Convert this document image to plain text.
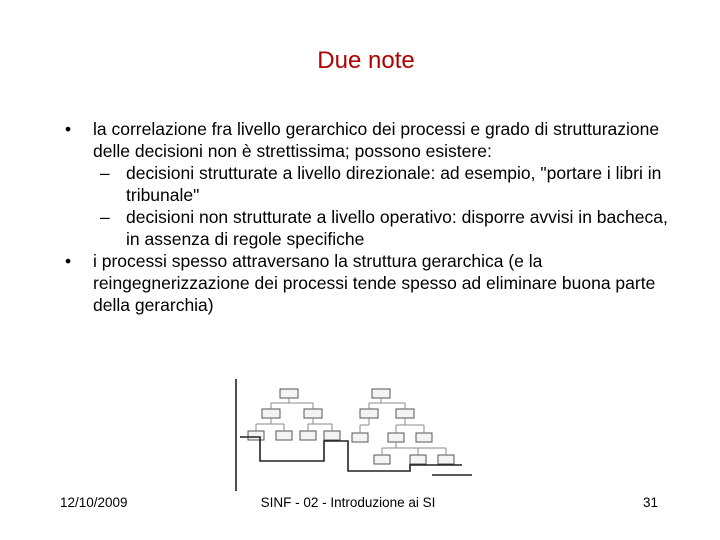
Due note
• la correlazione fra livello gerarchico dei processi e grado di strutturazione delle decisioni non è strettissima; possono esistere:
– decisioni strutturate a livello direzionale: ad esempio, "portare i libri in tribunale"
– decisioni non strutturate a livello operativo: disporre avvisi in bacheca, in assenza di regole specifiche
• i processi spesso attraversano la struttura gerarchica (e la reingegnerizzazione dei processi tende spesso ad eliminare buona parte della gerarchia)
12/10/2009	SINF - 02 - Introduzione ai SI	31
